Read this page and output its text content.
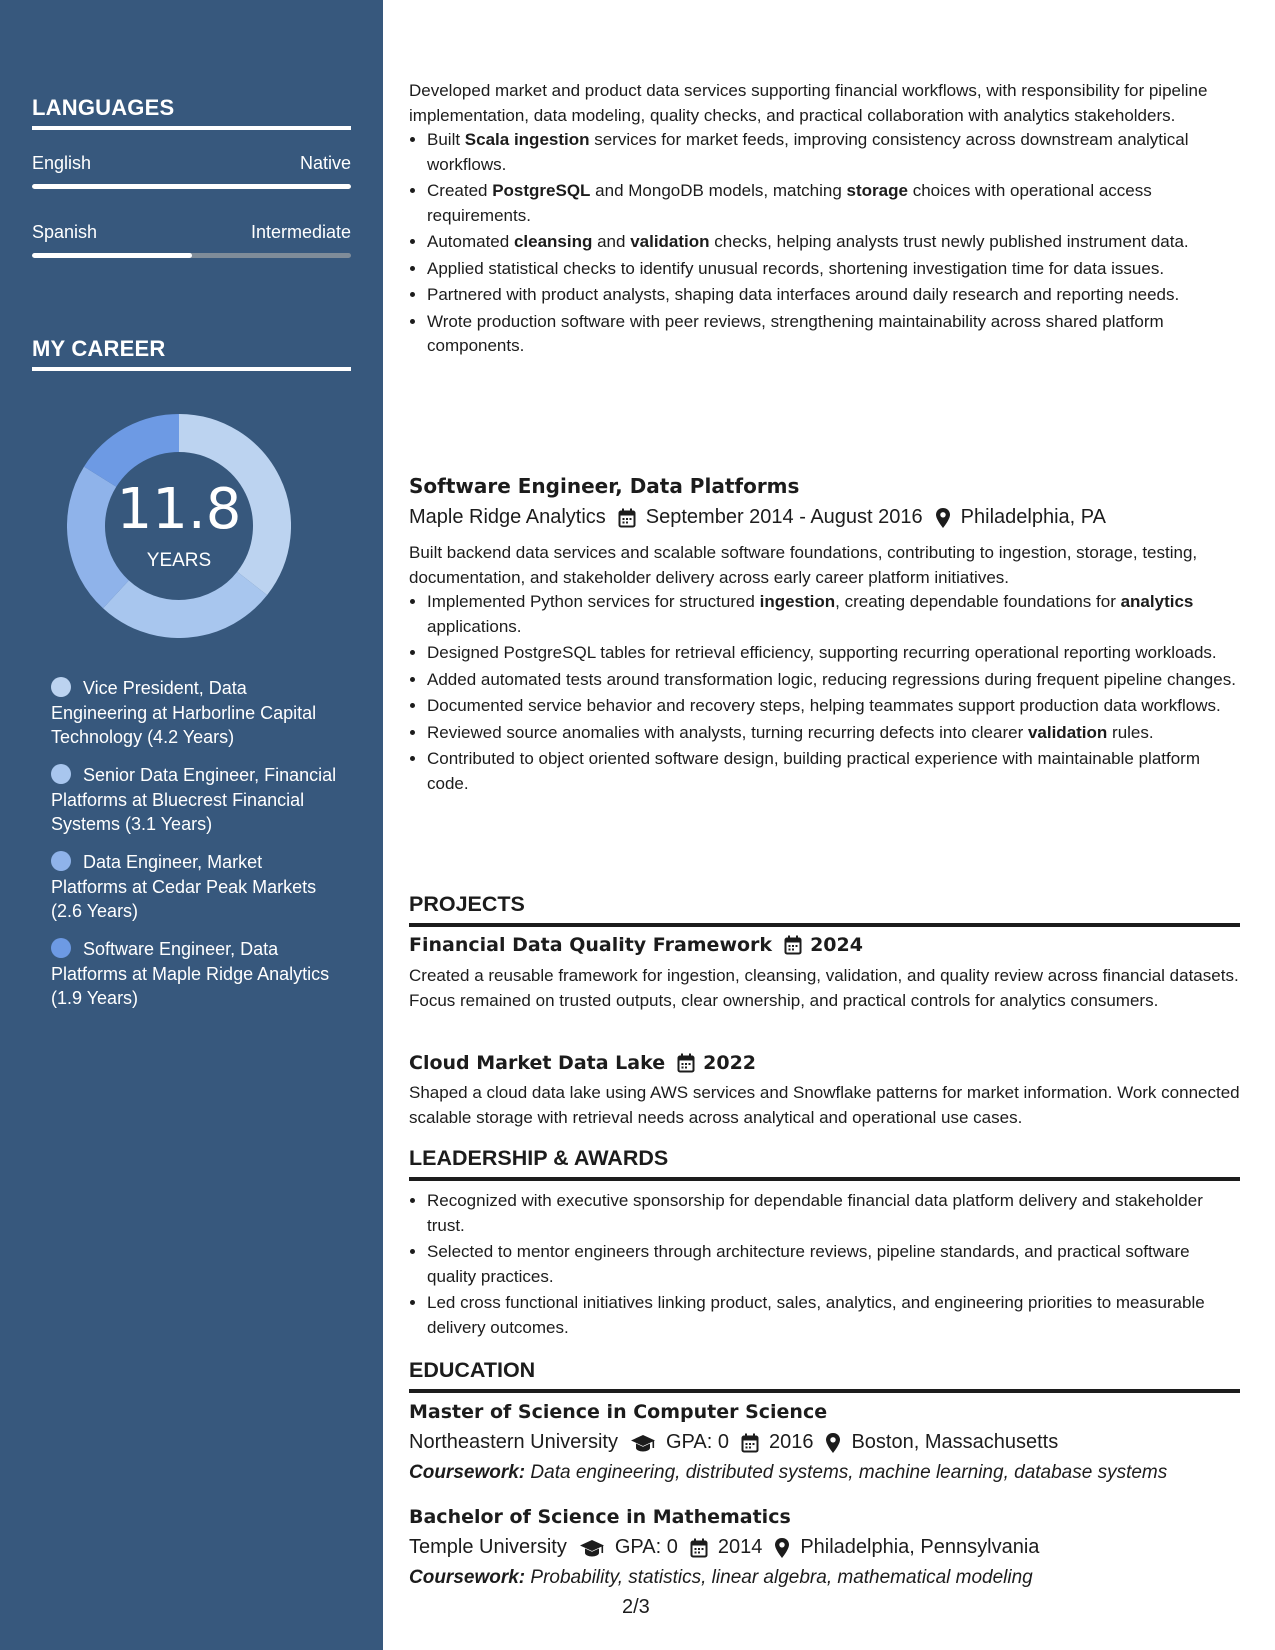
LANGUAGES
English	Native
Spanish	Intermediate
MY CAREER
11.8
YEARS
Vice President, Data Engineering at Harborline Capital Technology (4.2 Years)
Senior Data Engineer, Financial Platforms at Bluecrest Financial Systems (3.1 Years)
Data Engineer, Market Platforms at Cedar Peak Markets (2.6 Years)
Software Engineer, Data Platforms at Maple Ridge Analytics (1.9 Years)

Developed market and product data services supporting financial workflows, with responsibility for pipeline implementation, data modeling, quality checks, and practical collaboration with analytics stakeholders.

• Built Scala ingestion services for market feeds, improving consistency across downstream analytical workflows.
• Created PostgreSQL and MongoDB models, matching storage choices with operational access requirements.
• Automated cleansing and validation checks, helping analysts trust newly published instrument data.
• Applied statistical checks to identify unusual records, shortening investigation time for data issues.
• Partnered with product analysts, shaping data interfaces around daily research and reporting needs.
• Wrote production software with peer reviews, strengthening maintainability across shared platform components.
Software Engineer, Data Platforms
Maple Ridge Analytics September 2014 - August 2016 Philadelphia, PA

Built backend data services and scalable software foundations, contributing to ingestion, storage, testing, documentation, and stakeholder delivery across early career platform initiatives.

• Implemented Python services for structured ingestion, creating dependable foundations for analytics applications.
• Designed PostgreSQL tables for retrieval efficiency, supporting recurring operational reporting workloads.
• Added automated tests around transformation logic, reducing regressions during frequent pipeline changes.
• Documented service behavior and recovery steps, helping teammates support production data workflows.
• Reviewed source anomalies with analysts, turning recurring defects into clearer validation rules.
• Contributed to object oriented software design, building practical experience with maintainable platform code.
PROJECTS
Financial Data Quality Framework 2024

Created a reusable framework for ingestion, cleansing, validation, and quality review across financial datasets. Focus remained on trusted outputs, clear ownership, and practical controls for analytics consumers.

Cloud Market Data Lake 2022

Shaped a cloud data lake using AWS services and Snowflake patterns for market information. Work connected scalable storage with retrieval needs across analytical and operational use cases.

LEADERSHIP & AWARDS
• Recognized with executive sponsorship for dependable financial data platform delivery and stakeholder trust.
• Selected to mentor engineers through architecture reviews, pipeline standards, and practical software quality practices.
• Led cross functional initiatives linking product, sales, analytics, and engineering priorities to measurable delivery outcomes.
EDUCATION
Master of Science in Computer Science
Northeastern University GPA: 0 2016 Boston, Massachusetts
Coursework: Data engineering, distributed systems, machine learning, database systems
Bachelor of Science in Mathematics
Temple University GPA: 0 2014 Philadelphia, Pennsylvania
Coursework: Probability, statistics, linear algebra, mathematical modeling
2/3
